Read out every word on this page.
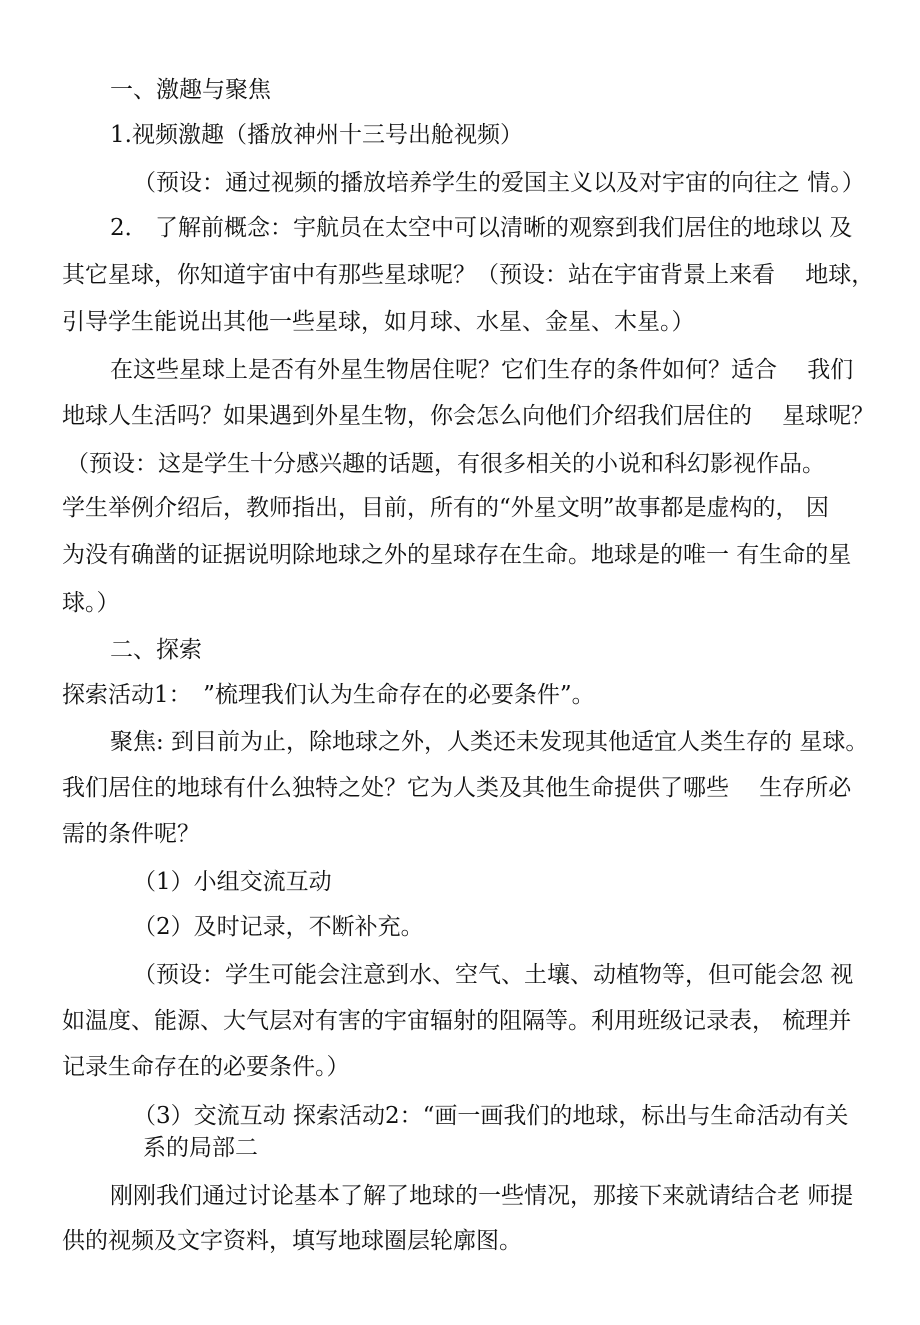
一、激趣与聚焦
1.视频激趣（播放神州十三号出舱视频）
（预设：通过视频的播放培养学生的爱国主义以及对宇宙的向往之 情。）
2． 了解前概念：宇航员在太空中可以清晰的观察到我们居住的地球以 及
其它星球，你知道宇宙中有那些星球呢？（预设：站在宇宙背景上来看　 地球，
引导学生能说出其他一些星球，如月球、水星、金星、木星。）
在这些星球上是否有外星生物居住呢？它们生存的条件如何？适合　 我们
地球人生活吗？如果遇到外星生物，你会怎么向他们介绍我们居住的　 星球呢？
（预设：这是学生十分感兴趣的话题，有很多相关的小说和科幻影视作品。
学生举例介绍后，教师指出，目前，所有的“外星文明”故事都是虚构的， 因
为没有确凿的证据说明除地球之外的星球存在生命。地球是的唯一 有生命的星
球。）
二、探索
探索活动1：　”梳理我们认为生命存在的必要条件”。
聚焦: 到目前为止，除地球之外，人类还未发现其他适宜人类生存的 星球。
我们居住的地球有什么独特之处？它为人类及其他生命提供了哪些　 生存所必
需的条件呢？
（1）小组交流互动
（2）及时记录，不断补充。
（预设：学生可能会注意到水、空气、土壤、动植物等，但可能会忽 视
如温度、能源、大气层对有害的宇宙辐射的阻隔等。利用班级记录表， 梳理并
记录生命存在的必要条件。）
（3）交流互动 探索活动2：“画一画我们的地球，标出与生命活动有关
系的局部二
刚刚我们通过讨论基本了解了地球的一些情况，那接下来就请结合老 师提
供的视频及文字资料，填写地球圈层轮廓图。
